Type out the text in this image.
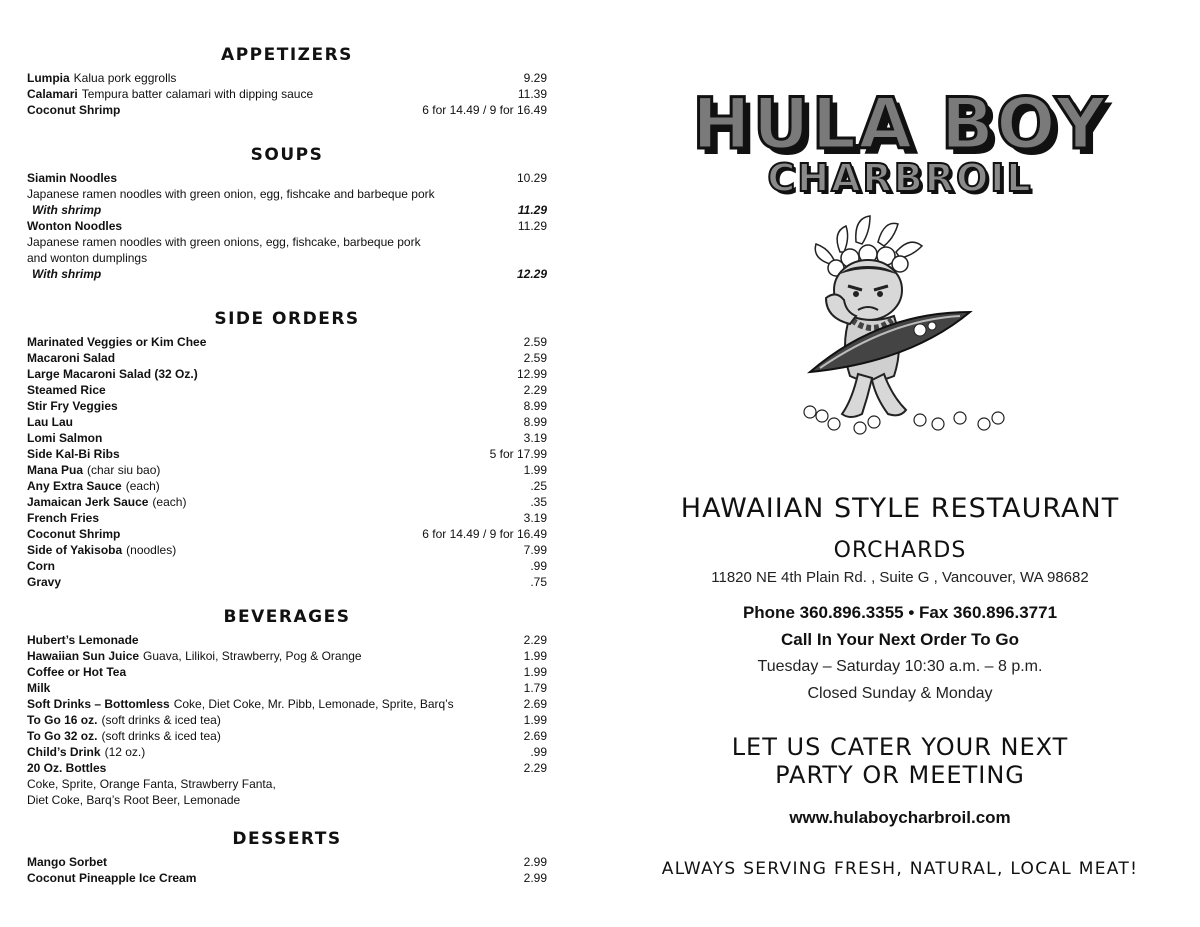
APPETIZERS
Lumpia Kalua pork eggrolls	9.29
Calamari Tempura batter calamari with dipping sauce	11.39
Coconut Shrimp	6 for 14.49 / 9 for 16.49
SOUPS
Siamin Noodles	10.29
Japanese ramen noodles with green onion, egg, fishcake and barbeque pork
With shrimp	11.29
Wonton Noodles	11.29
Japanese ramen noodles with green onions, egg, fishcake, barbeque pork
and wonton dumplings
With shrimp	12.29
SIDE ORDERS
Marinated Veggies or Kim Chee	2.59
Macaroni Salad	2.59
Large Macaroni Salad (32 Oz.)	12.99
Steamed Rice	2.29
Stir Fry Veggies	8.99
Lau Lau	8.99
Lomi Salmon	3.19
Side Kal-Bi Ribs	5 for 17.99
Mana Pua (char siu bao)	1.99
Any Extra Sauce (each)	.25
Jamaican Jerk Sauce (each)	.35
French Fries	3.19
Coconut Shrimp	6 for 14.49 / 9 for 16.49
Side of Yakisoba (noodles)	7.99
Corn	.99
Gravy	.75
BEVERAGES
Hubert’s Lemonade	2.29
Hawaiian Sun Juice Guava, Lilikoi, Strawberry, Pog & Orange	1.99
Coffee or Hot Tea	1.99
Milk	1.79
Soft Drinks – Bottomless Coke, Diet Coke, Mr. Pibb, Lemonade, Sprite, Barq’s	2.69
To Go 16 oz. (soft drinks & iced tea)	1.99
To Go 32 oz. (soft drinks & iced tea)	2.69
Child’s Drink (12 oz.)	.99
20 Oz. Bottles	2.29
Coke, Sprite, Orange Fanta, Strawberry Fanta,
Diet Coke, Barq’s Root Beer, Lemonade
DESSERTS
Mango Sorbet	2.99
Coconut Pineapple Ice Cream	2.99
HULA BOY
CHARBROIL
HAWAIIAN STYLE RESTAURANT
ORCHARDS
11820 NE 4th Plain Rd. , Suite G , Vancouver, WA 98682
Phone 360.896.3355 • Fax 360.896.3771
Call In Your Next Order To Go
Tuesday – Saturday 10:30 a.m. – 8 p.m.
Closed Sunday & Monday
LET US CATER YOUR NEXT
PARTY OR MEETING
www.hulaboycharbroil.com
ALWAYS SERVING FRESH, NATURAL, LOCAL MEAT!
